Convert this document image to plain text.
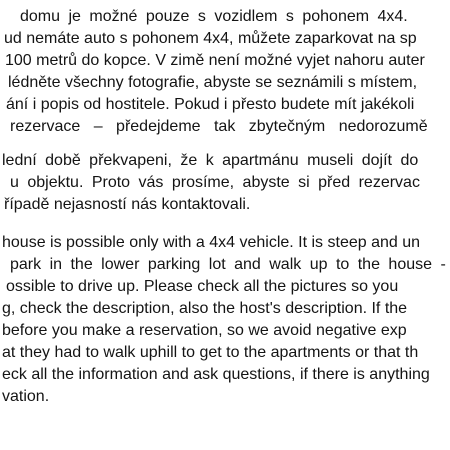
domu je možné pouze s vozidlem s pohonem 4x4.
ud nemáte auto s pohonem 4x4, můžete zaparkovat na sp
100 metrů do kopce. V zimě není možné vyjet nahoru auter
lédněte všechny fotografie, abyste se seznámili s místem,
ání i popis od hostitele. Pokud i přesto budete mít jakékoli
rezervace – předejdeme tak zbytečným nedorozumě
lední době překvapeni, že k apartmánu museli dojít do
u objektu. Proto vás prosíme, abyste si před rezervac
řípadě nejasností nás kontaktovali.
house is possible only with a 4x4 vehicle. It is steep and un
park in the lower parking lot and walk up to the house -
ossible to drive up. Please check all the pictures so you
g, check the description, also the host's description. If the
before you make a reservation, so we avoid negative exp
at they had to walk uphill to get to the apartments or that th
eck all the information and ask questions, if there is anything
vation.
